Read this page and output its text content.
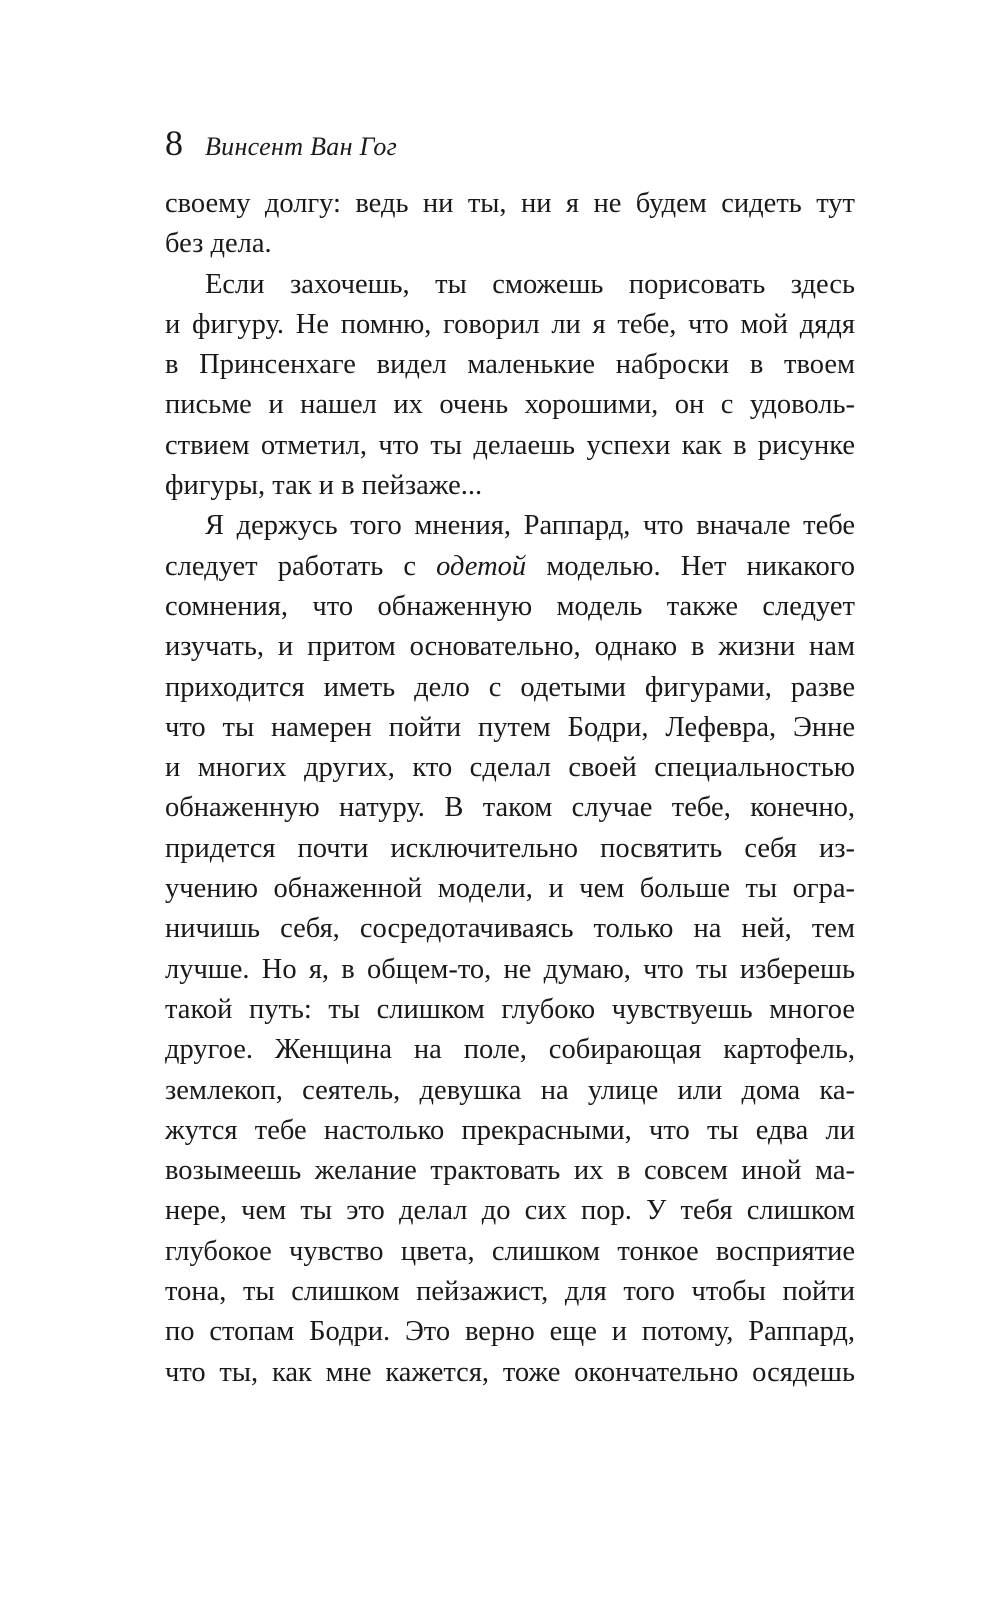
8 Винсент Ван Гог
своему долгу: ведь ни ты, ни я не будем сидеть тут
без дела.
Если захочешь, ты сможешь порисовать здесь
и фигуру. Не помню, говорил ли я тебе, что мой дядя
в Принсенхаге видел маленькие наброски в твоем
письме и нашел их очень хорошими, он с удоволь-
ствием отметил, что ты делаешь успехи как в рисунке
фигуры, так и в пейзаже...
Я держусь того мнения, Раппард, что вначале тебе
следует работать с одетой моделью. Нет никакого
сомнения, что обнаженную модель также следует
изучать, и притом основательно, однако в жизни нам
приходится иметь дело с одетыми фигурами, разве
что ты намерен пойти путем Бодри, Лефевра, Энне
и многих других, кто сделал своей специальностью
обнаженную натуру. В таком случае тебе, конечно,
придется почти исключительно посвятить себя из-
учению обнаженной модели, и чем больше ты огра-
ничишь себя, сосредотачиваясь только на ней, тем
лучше. Но я, в общем-то, не думаю, что ты изберешь
такой путь: ты слишком глубоко чувствуешь многое
другое. Женщина на поле, собирающая картофель,
землекоп, сеятель, девушка на улице или дома ка-
жутся тебе настолько прекрасными, что ты едва ли
возымеешь желание трактовать их в совсем иной ма-
нере, чем ты это делал до сих пор. У тебя слишком
глубокое чувство цвета, слишком тонкое восприятие
тона, ты слишком пейзажист, для того чтобы пойти
по стопам Бодри. Это верно еще и потому, Раппард,
что ты, как мне кажется, тоже окончательно осядешь
